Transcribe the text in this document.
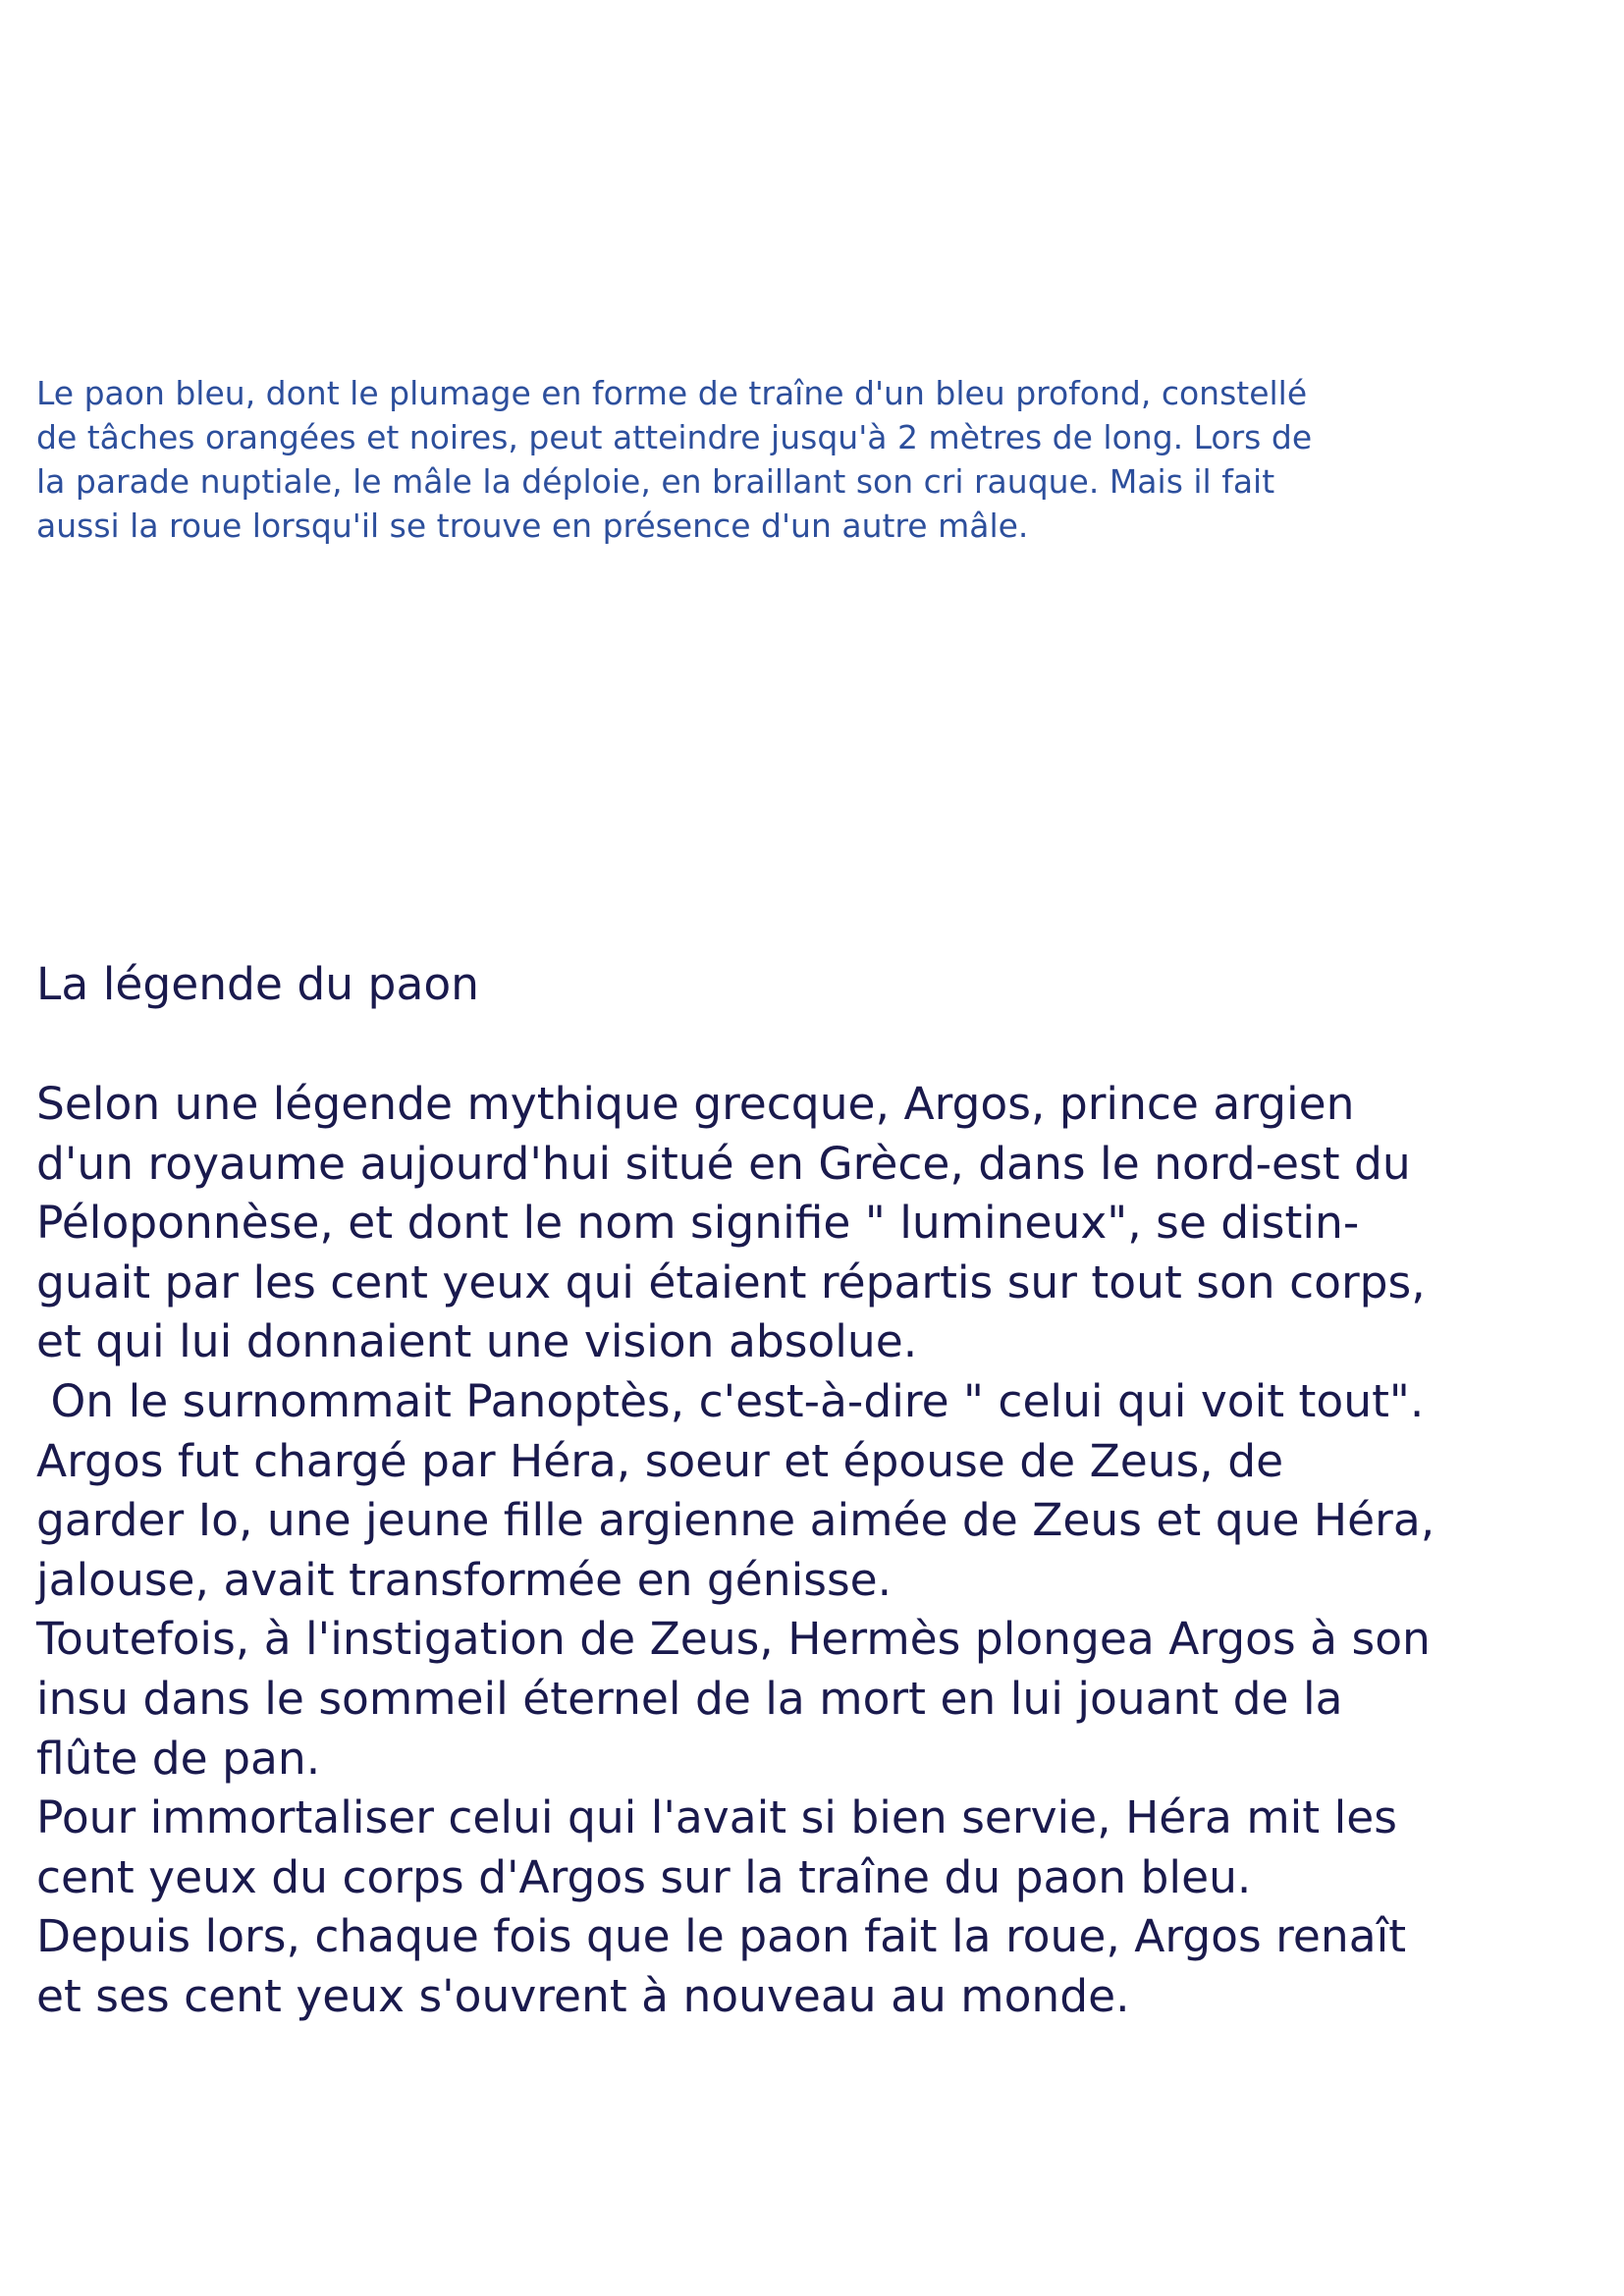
Le paon bleu, dont le plumage en forme de traîne d'un bleu profond, constellé
de tâches orangées et noires, peut atteindre jusqu'à 2 mètres de long. Lors de
la parade nuptiale, le mâle la déploie, en braillant son cri rauque. Mais il fait
aussi la roue lorsqu'il se trouve en présence d'un autre mâle.
La légende du paon
Selon une légende mythique grecque, Argos, prince argien
d'un royaume aujourd'hui situé en Grèce, dans le nord-est du
Péloponnèse, et dont le nom signifie " lumineux", se distin-
guait par les cent yeux qui étaient répartis sur tout son corps,
et qui lui donnaient une vision absolue.
On le surnommait Panoptès, c'est-à-dire " celui qui voit tout".
Argos fut chargé par Héra, soeur et épouse de Zeus, de
garder Io, une jeune fille argienne aimée de Zeus et que Héra,
jalouse, avait transformée en génisse.
Toutefois, à l'instigation de Zeus, Hermès plongea Argos à son
insu dans le sommeil éternel de la mort en lui jouant de la
flûte de pan.
Pour immortaliser celui qui l'avait si bien servie, Héra mit les
cent yeux du corps d'Argos sur la traîne du paon bleu.
Depuis lors, chaque fois que le paon fait la roue, Argos renaît
et ses cent yeux s'ouvrent à nouveau au monde.
